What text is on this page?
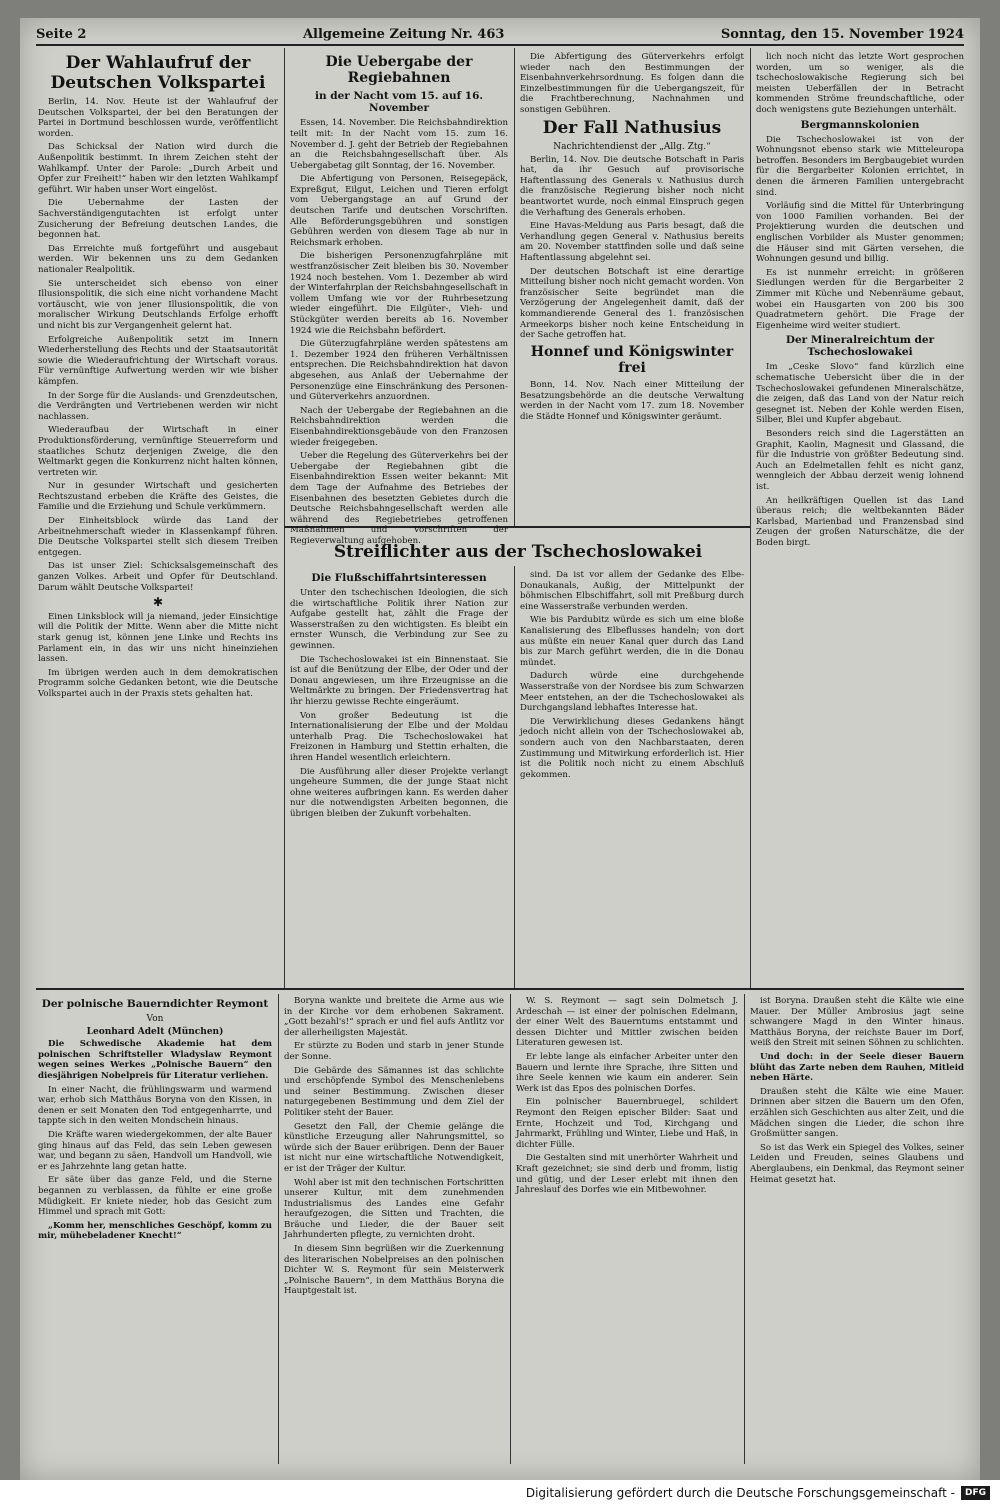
Seite 2	Allgemeine Zeitung Nr. 463	Sonntag, den 15. November 1924
Der Wahlaufruf der Deutschen Volkspartei

Berlin, 14. Nov. Heute ist der Wahlaufruf der Deutschen Volkspartei, der bei den Beratungen der Partei in Dortmund beschlossen wurde, veröffentlicht worden.

Das Schicksal der Nation wird durch die Außenpolitik bestimmt. In ihrem Zeichen steht der Wahlkampf. Unter der Parole: „Durch Arbeit und Opfer zur Freiheit!“ haben wir den letzten Wahlkampf geführt. Wir haben unser Wort eingelöst.

Die Uebernahme der Lasten der Sachverständigengutachten ist erfolgt unter Zusicherung der Befreiung deutschen Landes, die begonnen hat.

Das Erreichte muß fortgeführt und ausgebaut werden. Wir bekennen uns zu dem Gedanken nationaler Realpolitik.

Sie unterscheidet sich ebenso von einer Illusionspolitik, die sich eine nicht vorhandene Macht vortäuscht, wie von jener Illusionspolitik, die von moralischer Wirkung Deutschlands Erfolge erhofft und nicht bis zur Vergangenheit gelernt hat.

Erfolgreiche Außenpolitik setzt im Innern Wiederherstellung des Rechts und der Staatsautorität sowie die Wiederaufrichtung der Wirtschaft voraus. Für vernünftige Aufwertung werden wir wie bisher kämpfen.

In der Sorge für die Auslands- und Grenzdeutschen, die Verdrängten und Vertriebenen werden wir nicht nachlassen.

Wiederaufbau der Wirtschaft in einer Produktionsförderung, vernünftige Steuerreform und staatliches Schutz derjenigen Zweige, die den Weltmarkt gegen die Konkurrenz nicht halten können, vertreten wir.

Nur in gesunder Wirtschaft und gesicherten Rechtszustand erbeben die Kräfte des Geistes, die Familie und die Erziehung und Schule verkümmern.

Der Einheitsblock würde das Land der Arbeitnehmerschaft wieder in Klassenkampf führen. Die Deutsche Volkspartei stellt sich diesem Treiben entgegen.

Das ist unser Ziel: Schicksalsgemeinschaft des ganzen Volkes. Arbeit und Opfer für Deutschland. Darum wählt Deutsche Volkspartei!

✱

Einen Linksblock will ja niemand, jeder Einsichtige will die Politik der Mitte. Wenn aber die Mitte nicht stark genug ist, können jene Linke und Rechts ins Parlament ein, in das wir uns nicht hineinziehen lassen.

Im übrigen werden auch in dem demokratischen Programm solche Gedanken betont, wie die Deutsche Volkspartei auch in der Praxis stets gehalten hat.

Die Uebergabe der Regiebahnen
in der Nacht vom 15. auf 16. November

Essen, 14. November. Die Reichsbahndirektion teilt mit: In der Nacht vom 15. zum 16. November d. J. geht der Betrieb der Regiebahnen an die Reichsbahngesellschaft über. Als Uebergabetag gilt Sonntag, der 16. November.

Die Abfertigung von Personen, Reisegepäck, Expreßgut, Eilgut, Leichen und Tieren erfolgt vom Uebergangstage an auf Grund der deutschen Tarife und deutschen Vorschriften. Alle Beförderungsgebühren und sonstigen Gebühren werden von diesem Tage ab nur in Reichsmark erhoben.

Die bisherigen Personenzugfahrpläne mit westfranzösischer Zeit bleiben bis 30. November 1924 noch bestehen. Vom 1. Dezember ab wird der Winterfahrplan der Reichsbahngesellschaft in vollem Umfang wie vor der Ruhrbesetzung wieder eingeführt. Die Eilgüter-, Vieh- und Stückgüter werden bereits ab 16. November 1924 wie die Reichsbahn befördert.

Die Güterzugfahrpläne werden spätestens am 1. Dezember 1924 den früheren Verhältnissen entsprechen. Die Reichsbahndirektion hat davon abgesehen, aus Anlaß der Uebernahme der Personenzüge eine Einschränkung des Personen- und Güterverkehrs anzuordnen.

Nach der Uebergabe der Regiebahnen an die Reichsbahndirektion werden die Eisenbahndirektionsgebäude von den Franzosen wieder freigegeben.

Ueber die Regelung des Güterverkehrs bei der Uebergabe der Regiebahnen gibt die Eisenbahndirektion Essen weiter bekannt: Mit dem Tage der Aufnahme des Betriebes der Eisenbahnen des besetzten Gebietes durch die Deutsche Reichsbahngesellschaft werden alle während des Regiebetriebes getroffenen Maßnahmen und Vorschriften der Regieverwaltung aufgehoben.

Die Abfertigung des Güterverkehrs erfolgt wieder nach den Bestimmungen der Eisenbahnverkehrsordnung. Es folgen dann die Einzelbestimmungen für die Uebergangszeit, für die Frachtberechnung, Nachnahmen und sonstigen Gebühren.

Der Fall Nathusius
Nachrichtendienst der „Allg. Ztg.“

Berlin, 14. Nov. Die deutsche Botschaft in Paris hat, da ihr Gesuch auf provisorische Haftentlassung des Generals v. Nathusius durch die französische Regierung bisher noch nicht beantwortet wurde, noch einmal Einspruch gegen die Verhaftung des Generals erhoben.

Eine Havas-Meldung aus Paris besagt, daß die Verhandlung gegen General v. Nathusius bereits am 20. November stattfinden solle und daß seine Haftentlassung abgelehnt sei.

Der deutschen Botschaft ist eine derartige Mitteilung bisher noch nicht gemacht worden. Von französischer Seite begründet man die Verzögerung der Angelegenheit damit, daß der kommandierende General des 1. französischen Armeekorps bisher noch keine Entscheidung in der Sache getroffen hat.

Honnef und Königswinter frei

Bonn, 14. Nov. Nach einer Mitteilung der Besatzungsbehörde an die deutsche Verwaltung werden in der Nacht vom 17. zum 18. November die Städte Honnef und Königswinter geräumt.

lich noch nicht das letzte Wort gesprochen worden, um so weniger, als die tschechoslowakische Regierung sich bei meisten Ueberfällen der in Betracht kommenden Ströme freundschaftliche, oder doch wenigstens gute Beziehungen unterhält.

Bergmannskolonien

Die Tschechoslowakei ist von der Wohnungsnot ebenso stark wie Mitteleuropa betroffen. Besonders im Bergbaugebiet wurden für die Bergarbeiter Kolonien errichtet, in denen die ärmeren Familien untergebracht sind.

Vorläufig sind die Mittel für Unterbringung von 1000 Familien vorhanden. Bei der Projektierung wurden die deutschen und englischen Vorbilder als Muster genommen; die Häuser sind mit Gärten versehen, die Wohnungen gesund und billig.

Es ist nunmehr erreicht: in größeren Siedlungen werden für die Bergarbeiter 2 Zimmer mit Küche und Nebenräume gebaut, wobei ein Hausgarten von 200 bis 300 Quadratmetern gehört. Die Frage der Eigenheime wird weiter studiert.

Der Mineralreichtum der Tschechoslowakei

Im „Ceske Slovo“ fand kürzlich eine schematische Uebersicht über die in der Tschechoslowakei gefundenen Mineralschätze, die zeigen, daß das Land von der Natur reich gesegnet ist. Neben der Kohle werden Eisen, Silber, Blei und Kupfer abgebaut.

Besonders reich sind die Lagerstätten an Graphit, Kaolin, Magnesit und Glassand, die für die Industrie von größter Bedeutung sind. Auch an Edelmetallen fehlt es nicht ganz, wenngleich der Abbau derzeit wenig lohnend ist.

An heilkräftigen Quellen ist das Land überaus reich; die weltbekannten Bäder Karlsbad, Marienbad und Franzensbad sind Zeugen der großen Naturschätze, die der Boden birgt.

Streiflichter aus der Tschechoslowakei
Die Flußschiffahrtsinteressen

Unter den tschechischen Ideologien, die sich die wirtschaftliche Politik ihrer Nation zur Aufgabe gestellt hat, zählt die Frage der Wasserstraßen zu den wichtigsten. Es bleibt ein ernster Wunsch, die Verbindung zur See zu gewinnen.

Die Tschechoslowakei ist ein Binnenstaat. Sie ist auf die Benützung der Elbe, der Oder und der Donau angewiesen, um ihre Erzeugnisse an die Weltmärkte zu bringen. Der Friedensvertrag hat ihr hierzu gewisse Rechte eingeräumt.

Von großer Bedeutung ist die Internationalisierung der Elbe und der Moldau unterhalb Prag. Die Tschechoslowakei hat Freizonen in Hamburg und Stettin erhalten, die ihren Handel wesentlich erleichtern.

Die Ausführung aller dieser Projekte verlangt ungeheure Summen, die der junge Staat nicht ohne weiteres aufbringen kann. Es werden daher nur die notwendigsten Arbeiten begonnen, die übrigen bleiben der Zukunft vorbehalten.

sind. Da ist vor allem der Gedanke des Elbe-Donaukanals, Außig, der Mittelpunkt der böhmischen Elbschiffahrt, soll mit Preßburg durch eine Wasserstraße verbunden werden.

Wie bis Pardubitz würde es sich um eine bloße Kanalisierung des Elbeflusses handeln; von dort aus müßte ein neuer Kanal quer durch das Land bis zur March geführt werden, die in die Donau mündet.

Dadurch würde eine durchgehende Wasserstraße von der Nordsee bis zum Schwarzen Meer entstehen, an der die Tschechoslowakei als Durchgangsland lebhaftes Interesse hat.

Die Verwirklichung dieses Gedankens hängt jedoch nicht allein von der Tschechoslowakei ab, sondern auch von den Nachbarstaaten, deren Zustimmung und Mitwirkung erforderlich ist. Hier ist die Politik noch nicht zu einem Abschluß gekommen.

Der polnische Bauerndichter Reymont
Von
Leonhard Adelt (München)

Die Schwedische Akademie hat dem polnischen Schriftsteller Wladyslaw Reymont wegen seines Werkes „Polnische Bauern“ den diesjährigen Nobelpreis für Literatur verliehen.

In einer Nacht, die frühlingswarm und warmend war, erhob sich Matthäus Boryna von den Kissen, in denen er seit Monaten den Tod entgegenharrte, und tappte sich in den weiten Mondschein hinaus.

Die Kräfte waren wiedergekommen, der alte Bauer ging hinaus auf das Feld, das sein Leben gewesen war, und begann zu säen, Handvoll um Handvoll, wie er es Jahrzehnte lang getan hatte.

Er säte über das ganze Feld, und die Sterne begannen zu verblassen, da fühlte er eine große Müdigkeit. Er kniete nieder, hob das Gesicht zum Himmel und sprach mit Gott:

„Komm her, menschliches Geschöpf, komm zu mir, mühebeladener Knecht!“

Boryna wankte und breitete die Arme aus wie in der Kirche vor dem erhobenen Sakrament. „Gott bezahl's!“ sprach er und fiel aufs Antlitz vor der allerheiligsten Majestät.

Er stürzte zu Boden und starb in jener Stunde der Sonne.

Die Gebärde des Sämannes ist das schlichte und erschöpfende Symbol des Menschenlebens und seiner Bestimmung. Zwischen dieser naturgegebenen Bestimmung und dem Ziel der Politiker steht der Bauer.

Gesetzt den Fall, der Chemie gelänge die künstliche Erzeugung aller Nahrungsmittel, so würde sich der Bauer erübrigen. Denn der Bauer ist nicht nur eine wirtschaftliche Notwendigkeit, er ist der Träger der Kultur.

Wohl aber ist mit den technischen Fortschritten unserer Kultur, mit dem zunehmenden Industrialismus des Landes eine Gefahr heraufgezogen, die Sitten und Trachten, die Bräuche und Lieder, die der Bauer seit Jahrhunderten pflegte, zu vernichten droht.

In diesem Sinn begrüßen wir die Zuerkennung des literarischen Nobelpreises an den polnischen Dichter W. S. Reymont für sein Meisterwerk „Polnische Bauern“, in dem Matthäus Boryna die Hauptgestalt ist.

W. S. Reymont — sagt sein Dolmetsch J. Ardeschah — ist einer der polnischen Edelmann, der einer Welt des Bauerntums entstammt und dessen Dichter und Mittler zwischen beiden Literaturen gewesen ist.

Er lebte lange als einfacher Arbeiter unter den Bauern und lernte ihre Sprache, ihre Sitten und ihre Seele kennen wie kaum ein anderer. Sein Werk ist das Epos des polnischen Dorfes.

Ein polnischer Bauernbruegel, schildert Reymont den Reigen epischer Bilder: Saat und Ernte, Hochzeit und Tod, Kirchgang und Jahrmarkt, Frühling und Winter, Liebe und Haß, in dichter Fülle.

Die Gestalten sind mit unerhörter Wahrheit und Kraft gezeichnet; sie sind derb und fromm, listig und gütig, und der Leser erlebt mit ihnen den Jahreslauf des Dorfes wie ein Mitbewohner.

ist Boryna. Draußen steht die Kälte wie eine Mauer. Der Müller Ambrosius jagt seine schwangere Magd in den Winter hinaus. Matthäus Boryna, der reichste Bauer im Dorf, weiß den Streit mit seinen Söhnen zu schlichten.

Und doch: in der Seele dieser Bauern blüht das Zarte neben dem Rauhen, Mitleid neben Härte.

Draußen steht die Kälte wie eine Mauer. Drinnen aber sitzen die Bauern um den Ofen, erzählen sich Geschichten aus alter Zeit, und die Mädchen singen die Lieder, die schon ihre Großmütter sangen.

So ist das Werk ein Spiegel des Volkes, seiner Leiden und Freuden, seines Glaubens und Aberglaubens, ein Denkmal, das Reymont seiner Heimat gesetzt hat.

Digitalisierung gefördert durch die Deutsche Forschungsgemeinschaft -	DFG
